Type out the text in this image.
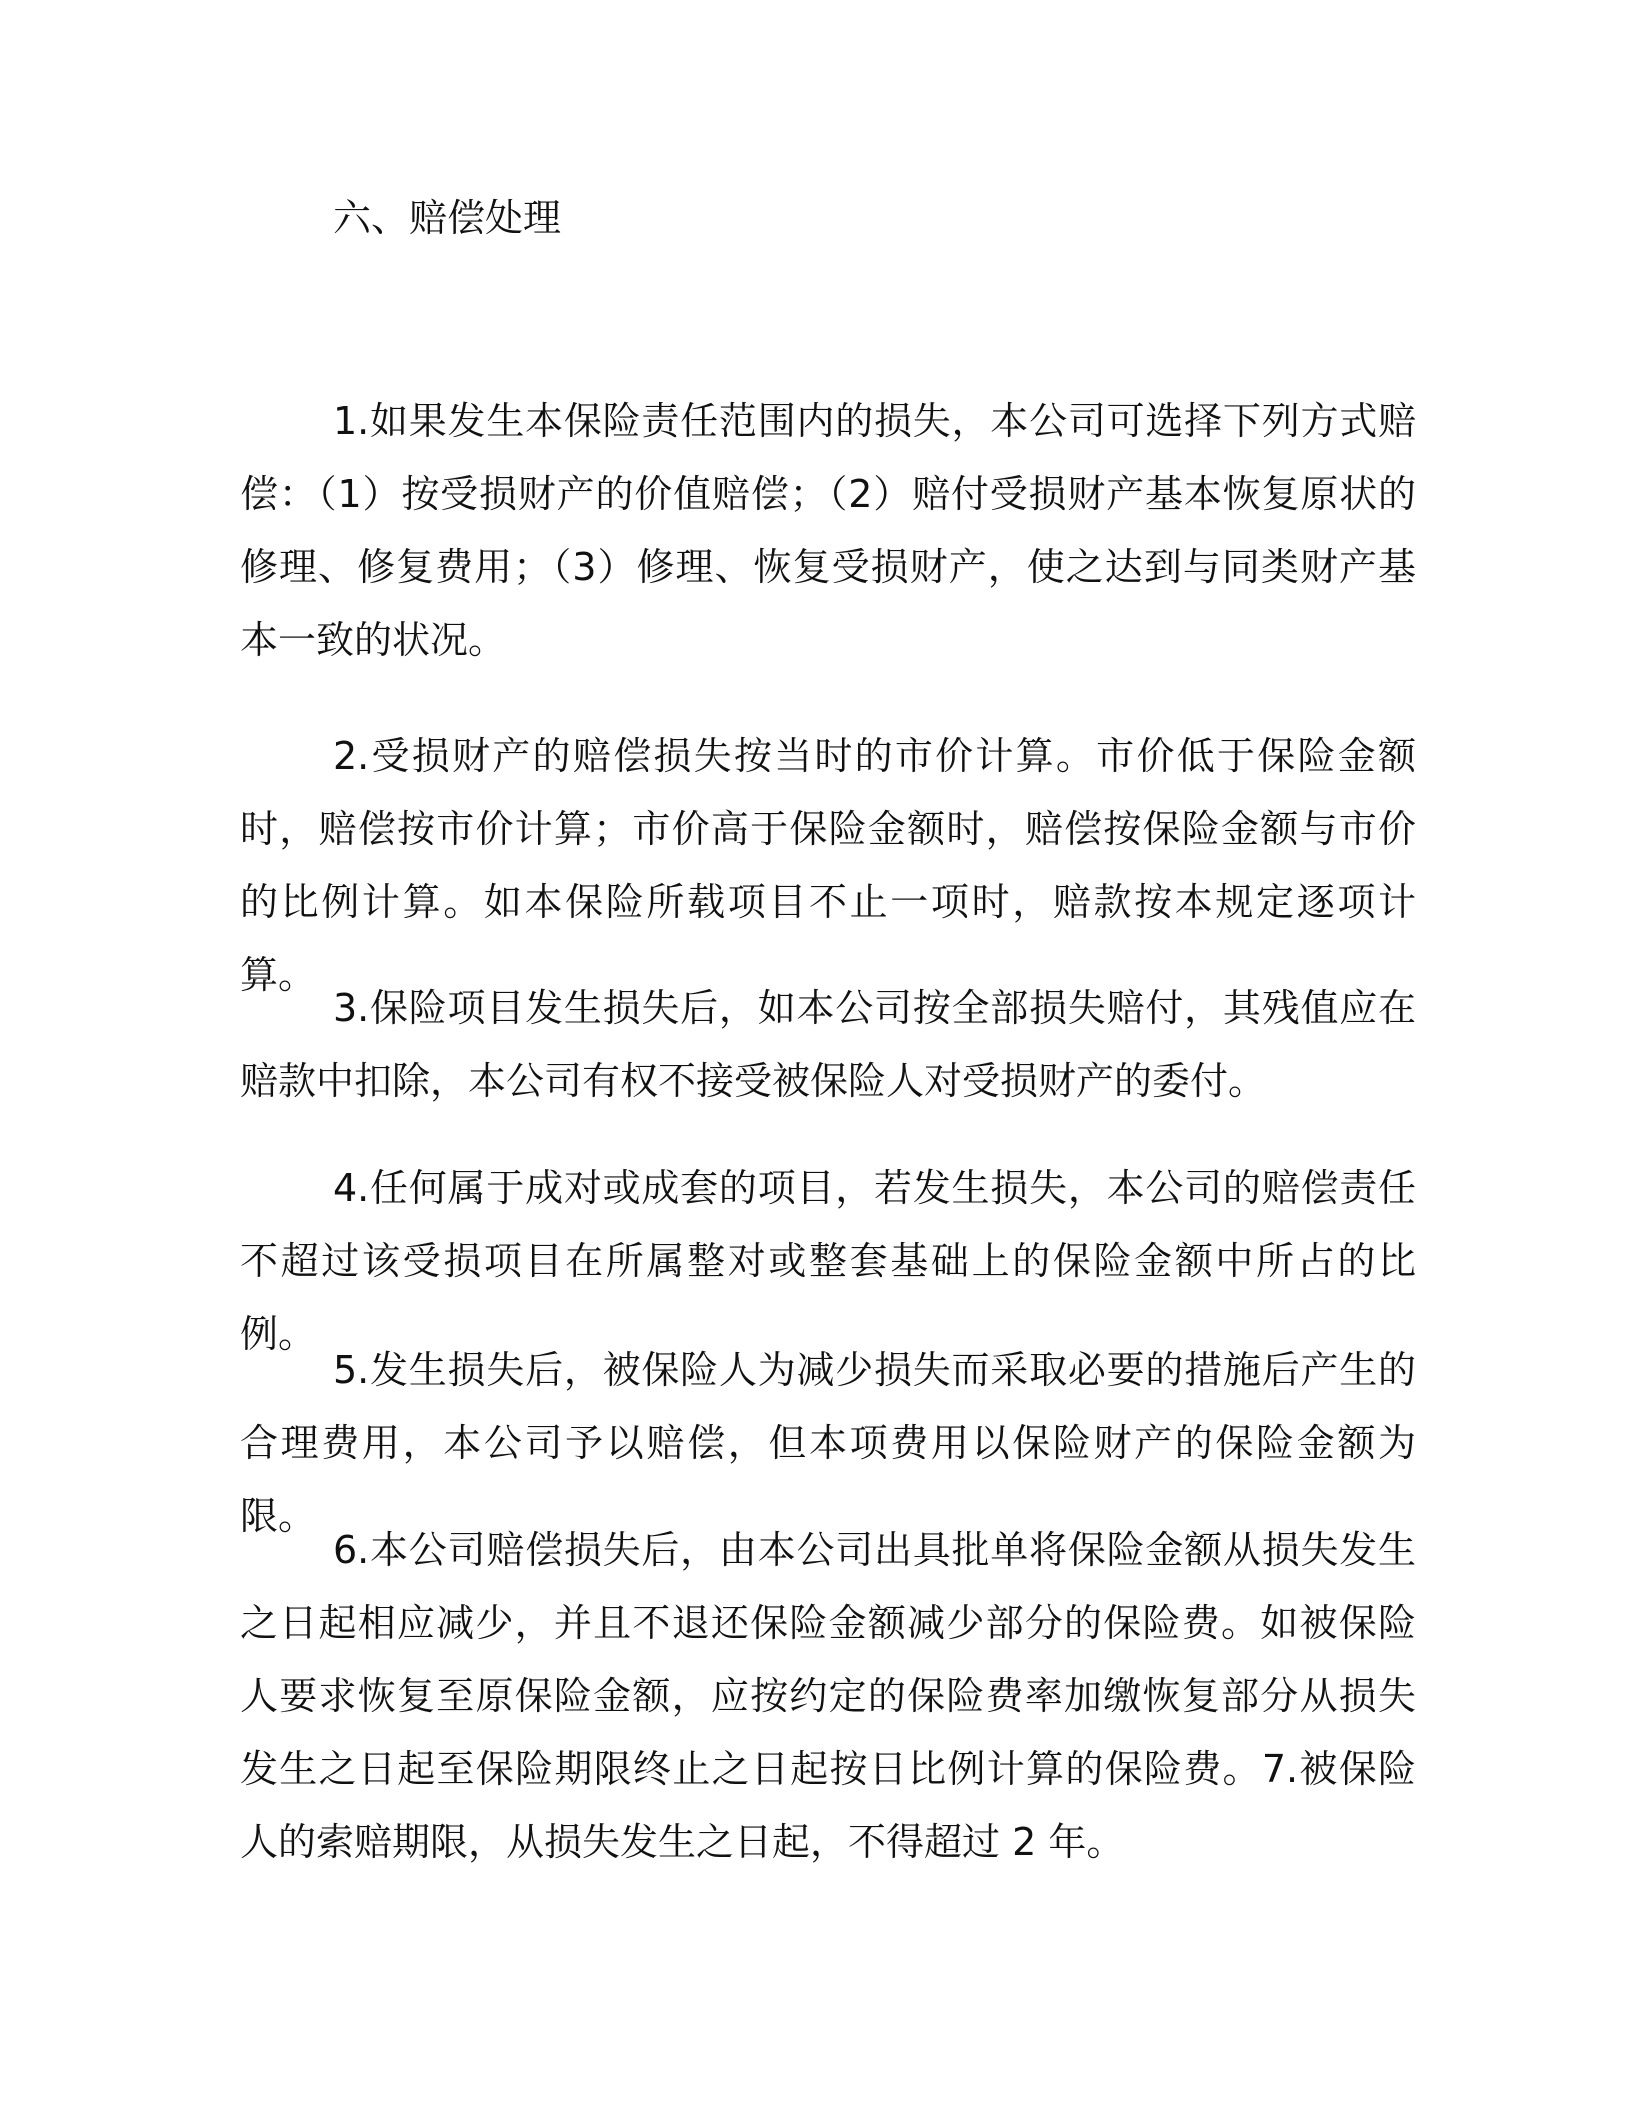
六、赔偿处理

1.如果发生本保险责任范围内的损失，本公司可选择下列方式赔偿：（1）按受损财产的价值赔偿；（2）赔付受损财产基本恢复原状的修理、修复费用；（3）修理、恢复受损财产，使之达到与同类财产基本一致的状况。

2.受损财产的赔偿损失按当时的市价计算。市价低于保险金额时，赔偿按市价计算；市价高于保险金额时，赔偿按保险金额与市价的比例计算。如本保险所载项目不止一项时，赔款按本规定逐项计算。

3.保险项目发生损失后，如本公司按全部损失赔付，其残值应在赔款中扣除，本公司有权不接受被保险人对受损财产的委付。

4.任何属于成对或成套的项目，若发生损失，本公司的赔偿责任不超过该受损项目在所属整对或整套基础上的保险金额中所占的比例。

5.发生损失后，被保险人为减少损失而采取必要的措施后产生的合理费用，本公司予以赔偿，但本项费用以保险财产的保险金额为限。

6.本公司赔偿损失后，由本公司出具批单将保险金额从损失发生之日起相应减少，并且不退还保险金额减少部分的保险费。如被保险人要求恢复至原保险金额，应按约定的保险费率加缴恢复部分从损失发生之日起至保险期限终止之日起按日比例计算的保险费。7.被保险人的索赔期限，从损失发生之日起，不得超过 2 年。
